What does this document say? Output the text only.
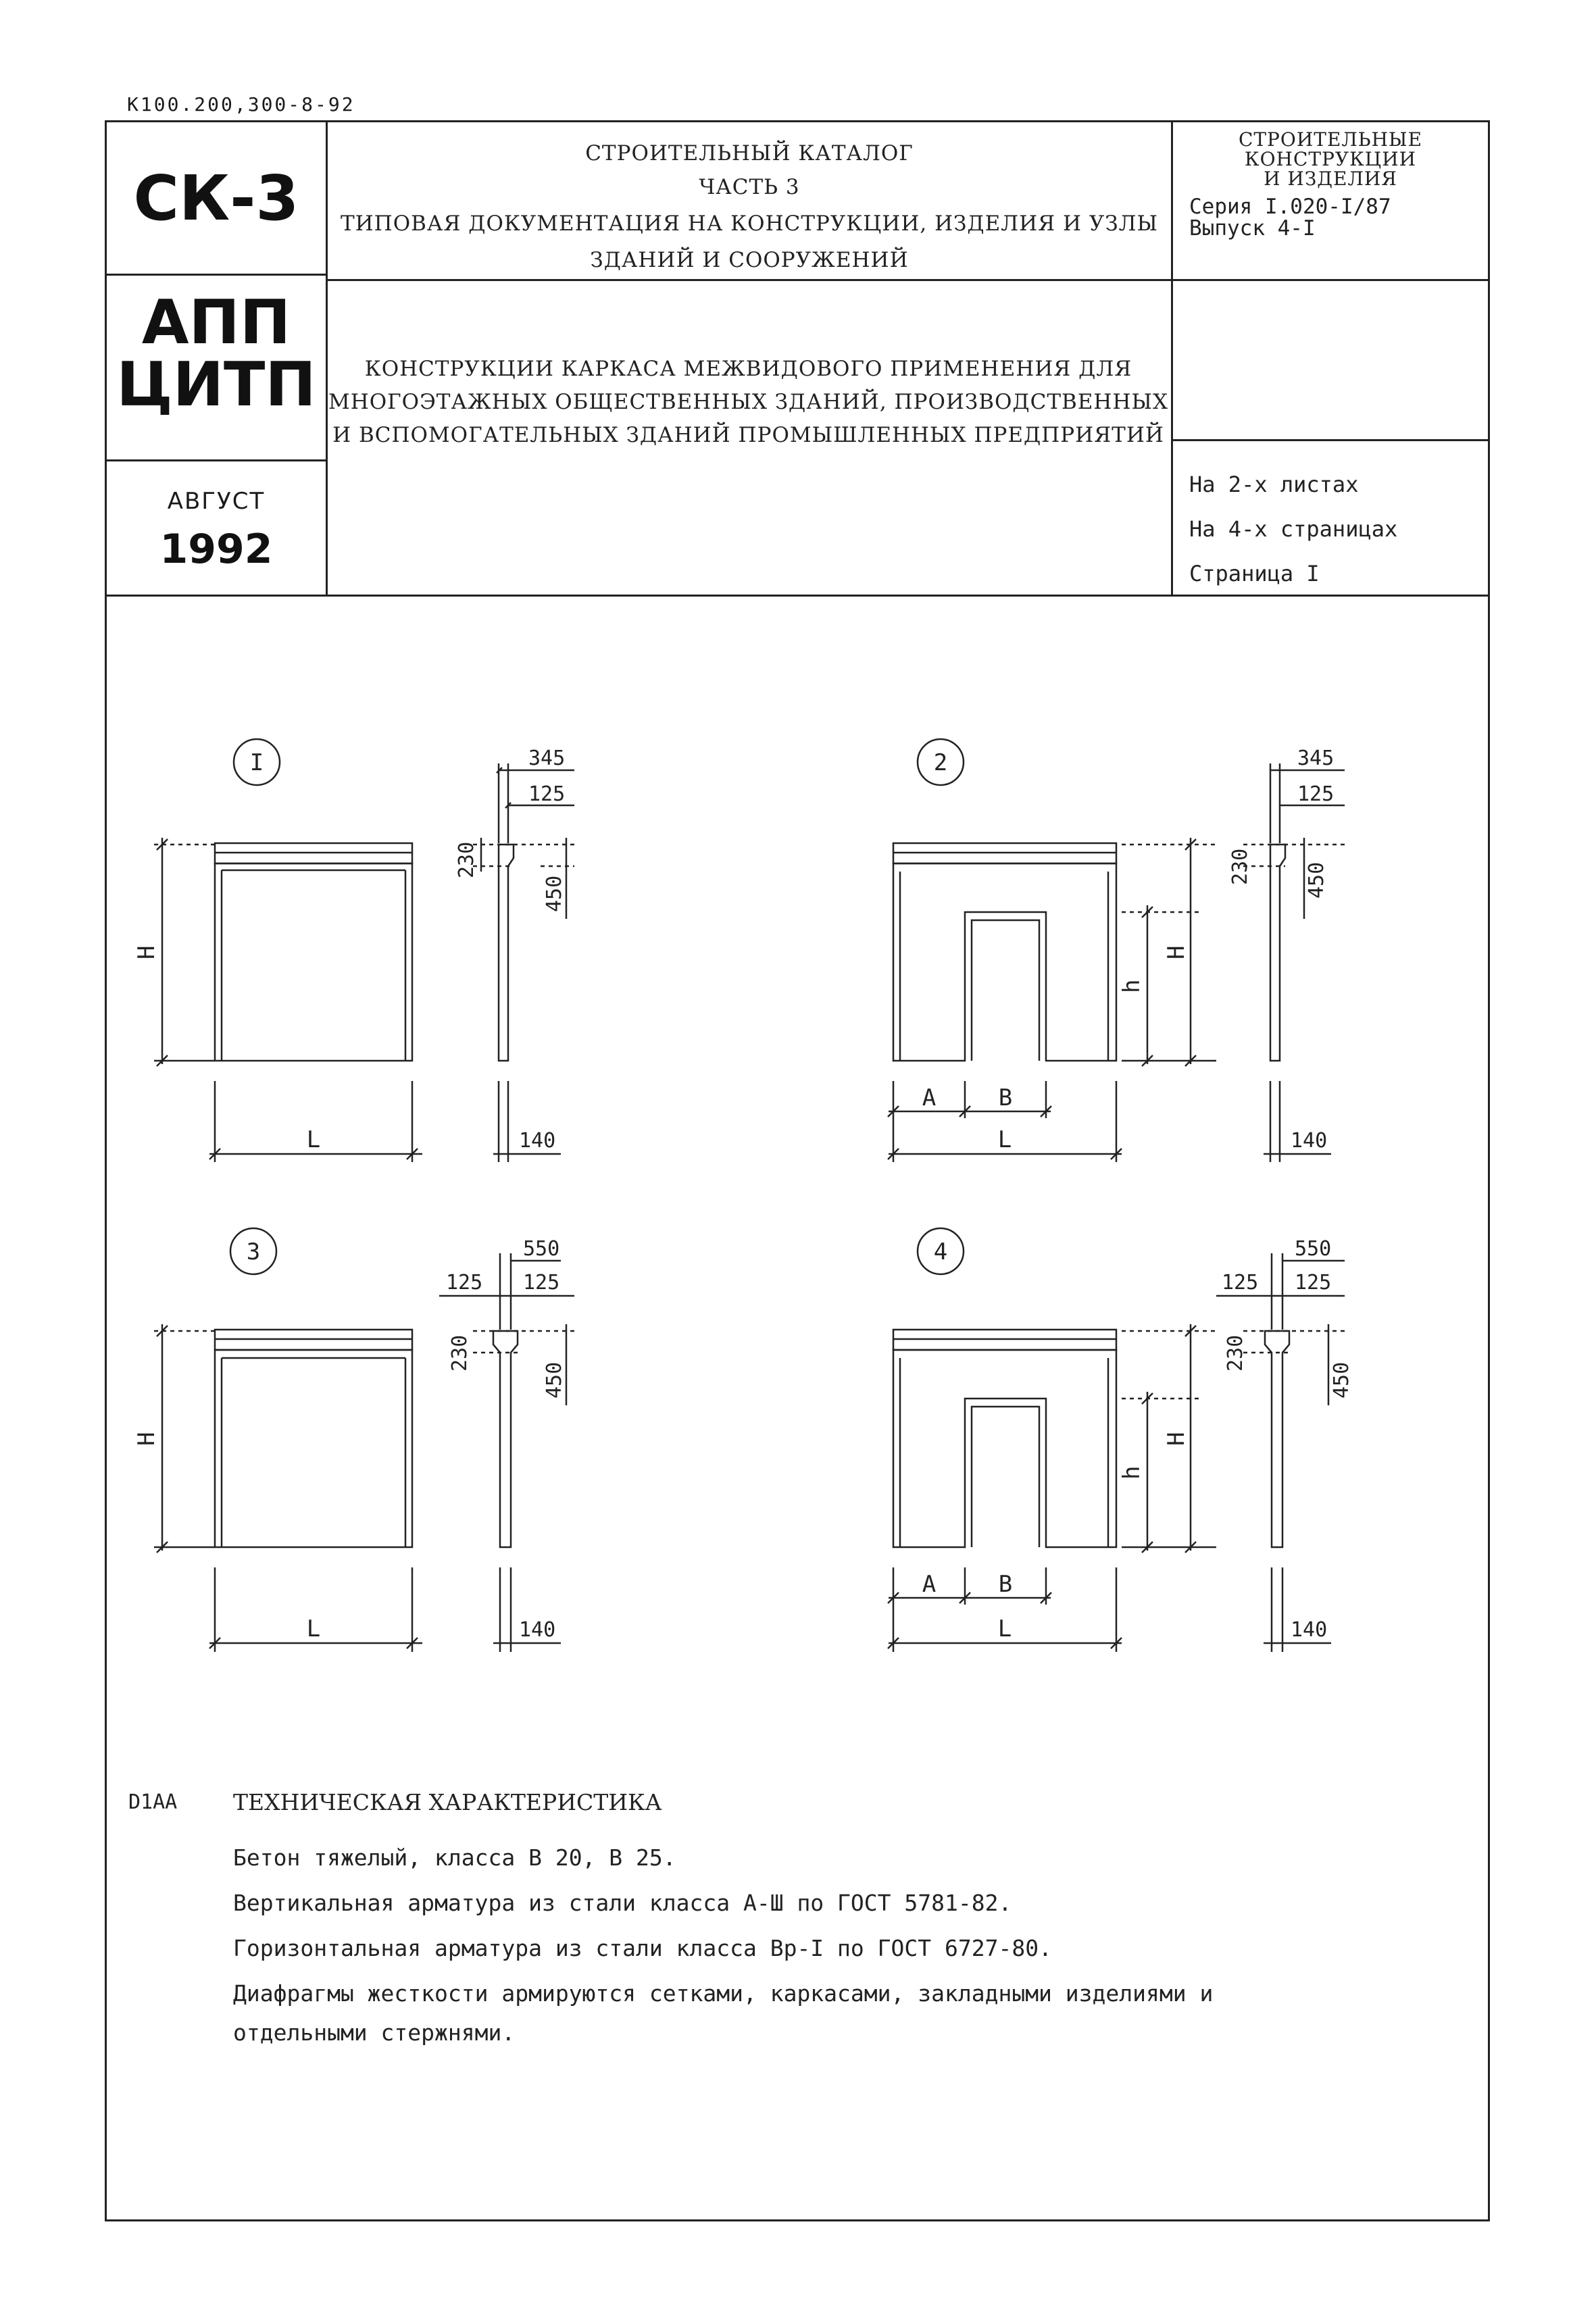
К100.200,300-8-92
СК-3
АПП
ЦИТП
АВГУСТ
1992
СТРОИТЕЛЬНЫЙ КАТАЛОГ
ЧАСТЬ 3
ТИПОВАЯ ДОКУМЕНТАЦИЯ НА КОНСТРУКЦИИ, ИЗДЕЛИЯ И УЗЛЫ
ЗДАНИЙ И СООРУЖЕНИЙ
КОНСТРУКЦИИ КАРКАСА МЕЖВИДОВОГО ПРИМЕНЕНИЯ ДЛЯ
МНОГОЭТАЖНЫХ ОБЩЕСТВЕННЫХ ЗДАНИЙ, ПРОИЗВОДСТВЕННЫХ
И ВСПОМОГАТЕЛЬНЫХ ЗДАНИЙ ПРОМЫШЛЕННЫХ ПРЕДПРИЯТИЙ
СТРОИТЕЛЬНЫЕ
КОНСТРУКЦИИ
И ИЗДЕЛИЯ
Серия I.020-I/87
Выпуск 4-I
На 2-х листах
На 4-х страницах
Страница I
I	345
125
230
450
H
L	140
2	345
125
230	450
h
H
A	B
L	140
3	550
125 125
230
450
H
L	140
4	550
125 125
230
450
h
H
A	B
L	140
D1AA	ТЕХНИЧЕСКАЯ ХАРАКТЕРИСТИКА
Бетон тяжелый, класса В 20, В 25.
Вертикальная арматура из стали класса А-Ш по ГОСТ 5781-82.
Горизонтальная арматура из стали класса Вр-I по ГОСТ 6727-80.
Диафрагмы жесткости армируются сетками, каркасами, закладными изделиями и
отдельными стержнями.
